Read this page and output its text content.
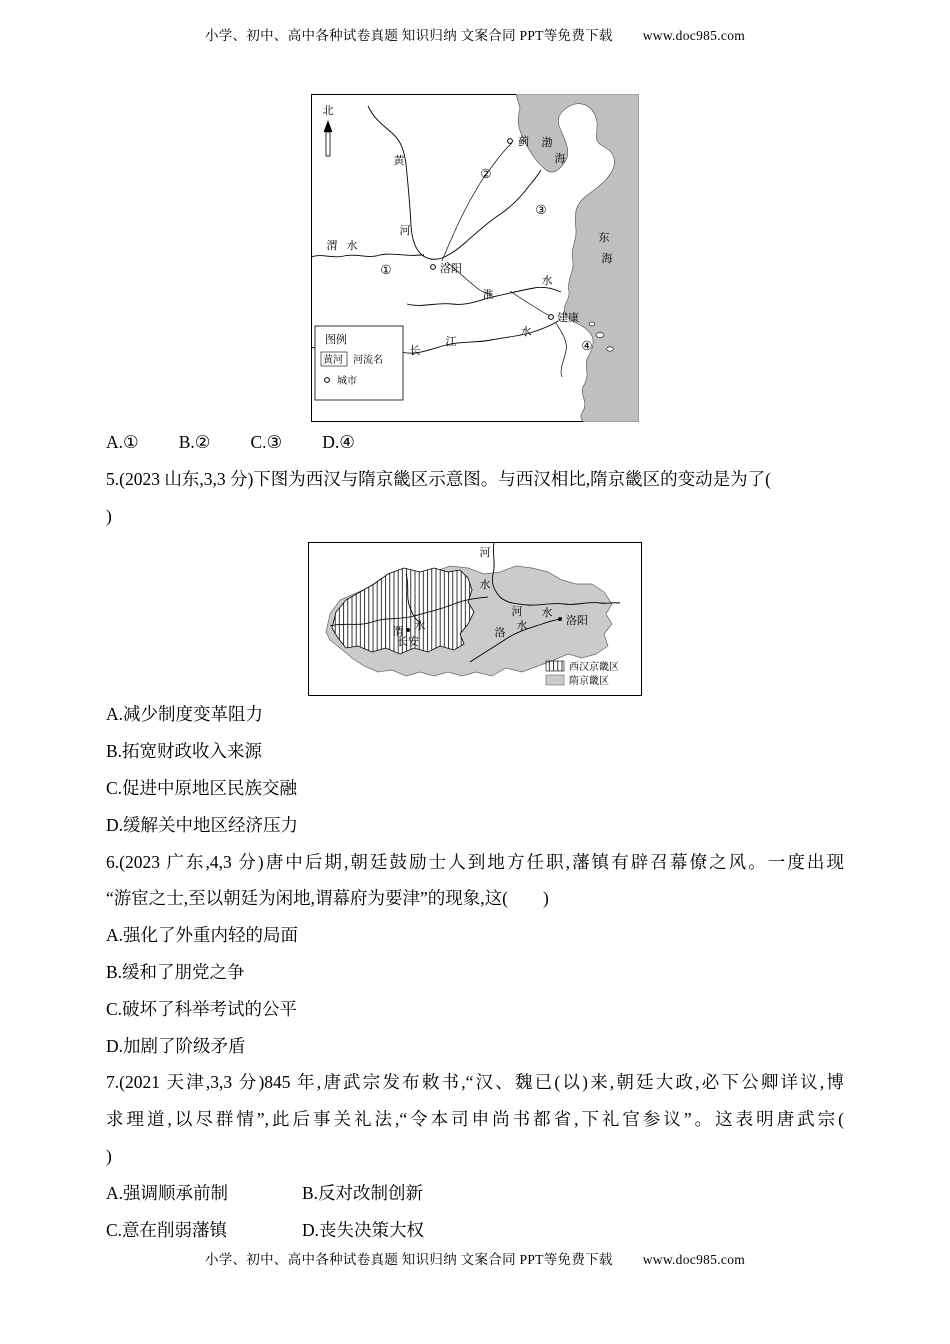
小学、初中、高中各种试卷真题 知识归纳 文案合同 PPT等免费下载 www.doc985.com
北
渤
海
东
海
黄
河
渭 水
淮
水
长
江
水
蓟
洛阳
建康
①
②
③
④
图例
黄河 河流名
城市
A.① B.② C.③ D.④
5.(2023 山东,3,3 分)下图为西汉与隋京畿区示意图。与西汉相比,隋京畿区的变动是为了(
)
河
水
河 水
洛
水
渭 水
长安
洛阳
西汉京畿区
隋京畿区
A.减少制度变革阻力
B.拓宽财政收入来源
C.促进中原地区民族交融
D.缓解关中地区经济压力
6.(2023 广东,4,3 分)唐中后期,朝廷鼓励士人到地方任职,藩镇有辟召幕僚之风。一度出现
“游宦之士,至以朝廷为闲地,谓幕府为要津”的现象,这(　　)
A.强化了外重内轻的局面
B.缓和了朋党之争
C.破坏了科举考试的公平
D.加剧了阶级矛盾
7.(2021 天津,3,3 分)845 年,唐武宗发布敕书,“汉、魏已(以)来,朝廷大政,必下公卿详议,博
求理道,以尽群情”,此后事关礼法,“令本司申尚书都省,下礼官参议”。这表明唐武宗(
)
A.强调顺承前制	B.反对改制创新
C.意在削弱藩镇	D.丧失决策大权
小学、初中、高中各种试卷真题 知识归纳 文案合同 PPT等免费下载 www.doc985.com
